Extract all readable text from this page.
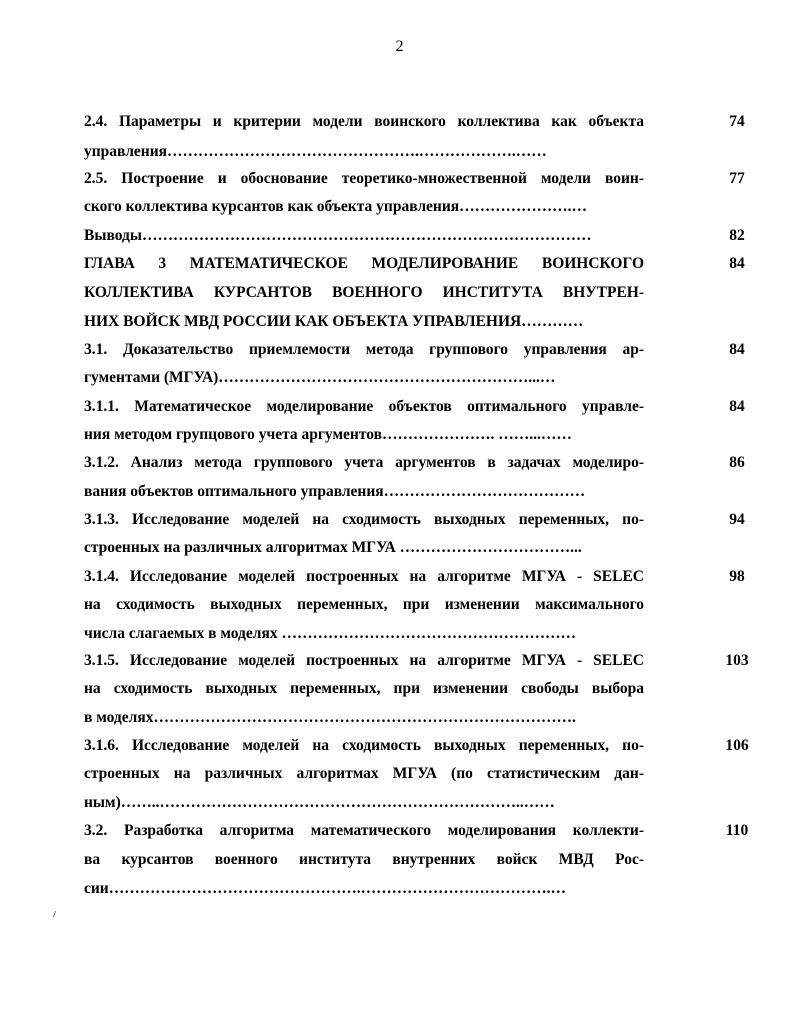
2
2.4. Параметры и критерии модели воинского коллектива как объекта
управления………………………………………….……………….……
74
2.5. Построение и обоснование теоретико-множественной модели воин-
ского коллектива курсантов как объекта управления………………….…
77
Выводы……………………………………………………………………………	82
ГЛАВА 3 МАТЕМАТИЧЕСКОЕ МОДЕЛИРОВАНИЕ ВОИНСКОГО
КОЛЛЕКТИВА КУРСАНТОВ ВОЕННОГО ИНСТИТУТА ВНУТРЕН-
НИХ ВОЙСК МВД РОССИИ КАК ОБЪЕКТА УПРАВЛЕНИЯ…………
84
3.1. Доказательство приемлемости метода группового управления ар-
гументами (МГУА)……………………………………………………...…
84
3.1.1. Математическое моделирование объектов оптимального управле-
ния методом групцового учета аргументов…………………. ……...……
84
3.1.2. Анализ метода группового учета аргументов в задачах моделиро-
вания объектов оптимального управления…………………………………
86
3.1.3. Исследование моделей на сходимость выходных переменных, по-
строенных на различных алгоритмах МГУА ……………………………...
94
3.1.4. Исследование моделей построенных на алгоритме МГУА - SELEC
на сходимость выходных переменных, при изменении максимального
числа слагаемых в моделях …………………………………………………
98
3.1.5. Исследование моделей построенных на алгоритме МГУА - SELEC
на сходимость выходных переменных, при изменении свободы выбора
в моделях……………………………………………………………………….
103
3.1.6. Исследование моделей на сходимость выходных переменных, по-
строенных на различных алгоритмах МГУА (по статистическим дан-
ным)……..……………………………………………………………..……
106
3.2. Разработка алгоритма математического моделирования коллекти-
ва курсантов военного института внутренних войск МВД Рос-
сии………………………………………….……………………………….…
110
